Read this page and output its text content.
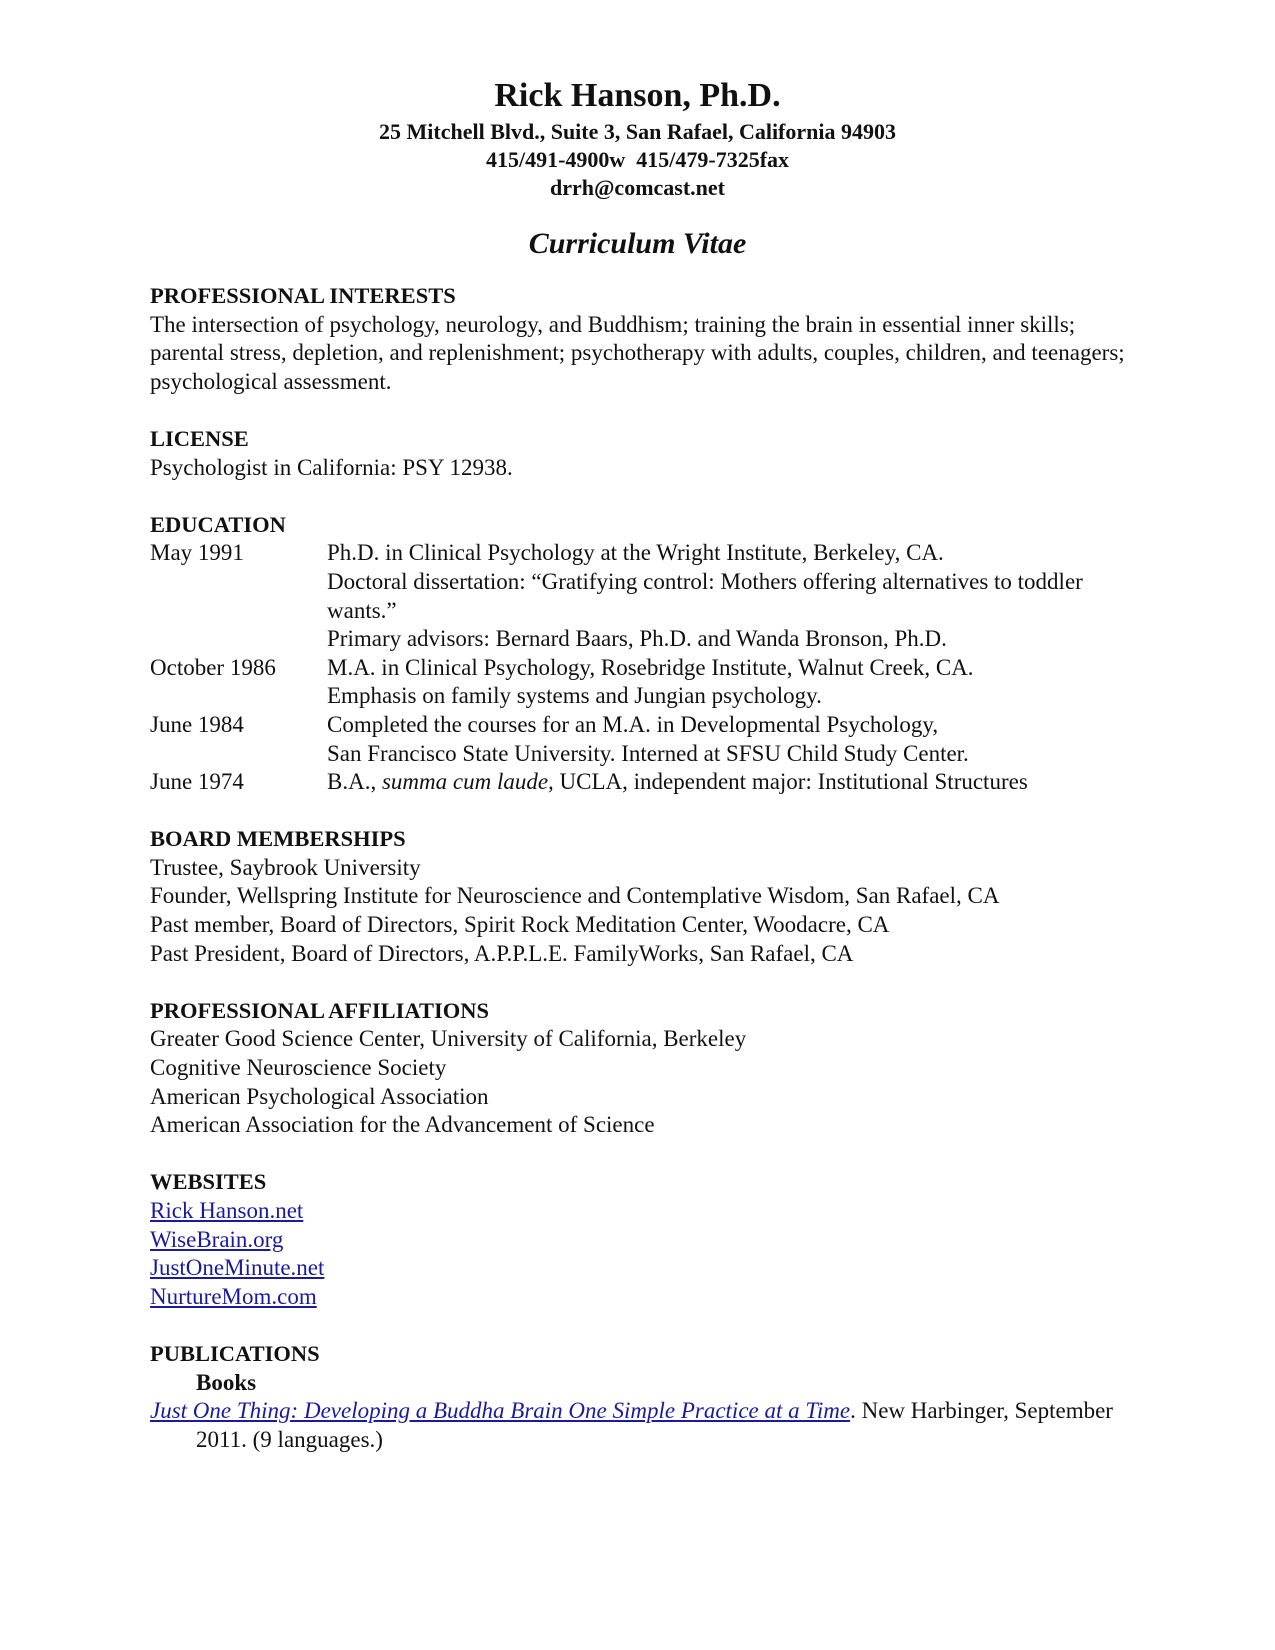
Rick Hanson, Ph.D.
25 Mitchell Blvd., Suite 3, San Rafael, California 94903
415/491-4900w  415/479-7325fax
drrh@comcast.net
Curriculum Vitae
PROFESSIONAL INTERESTS
The intersection of psychology, neurology, and Buddhism; training the brain in essential inner skills; parental stress, depletion, and replenishment; psychotherapy with adults, couples, children, and teenagers; psychological assessment.
LICENSE
Psychologist in California: PSY 12938.
EDUCATION
May 1991	Ph.D. in Clinical Psychology at the Wright Institute, Berkeley, CA.
Doctoral dissertation: “Gratifying control: Mothers offering alternatives to toddler wants.”
Primary advisors: Bernard Baars, Ph.D. and Wanda Bronson, Ph.D.
October 1986	M.A. in Clinical Psychology, Rosebridge Institute, Walnut Creek, CA.
Emphasis on family systems and Jungian psychology.
June 1984	Completed the courses for an M.A. in Developmental Psychology,
San Francisco State University. Interned at SFSU Child Study Center.
June 1974	B.A., summa cum laude, UCLA, independent major: Institutional Structures
BOARD MEMBERSHIPS
Trustee, Saybrook University
Founder, Wellspring Institute for Neuroscience and Contemplative Wisdom, San Rafael, CA
Past member, Board of Directors, Spirit Rock Meditation Center, Woodacre, CA
Past President, Board of Directors, A.P.P.L.E. FamilyWorks, San Rafael, CA
PROFESSIONAL AFFILIATIONS
Greater Good Science Center, University of California, Berkeley
Cognitive Neuroscience Society
American Psychological Association
American Association for the Advancement of Science
WEBSITES
Rick Hanson.net
WiseBrain.org
JustOneMinute.net
NurtureMom.com
PUBLICATIONS
Books
Just One Thing: Developing a Buddha Brain One Simple Practice at a Time. New Harbinger, September 2011. (9 languages.)
